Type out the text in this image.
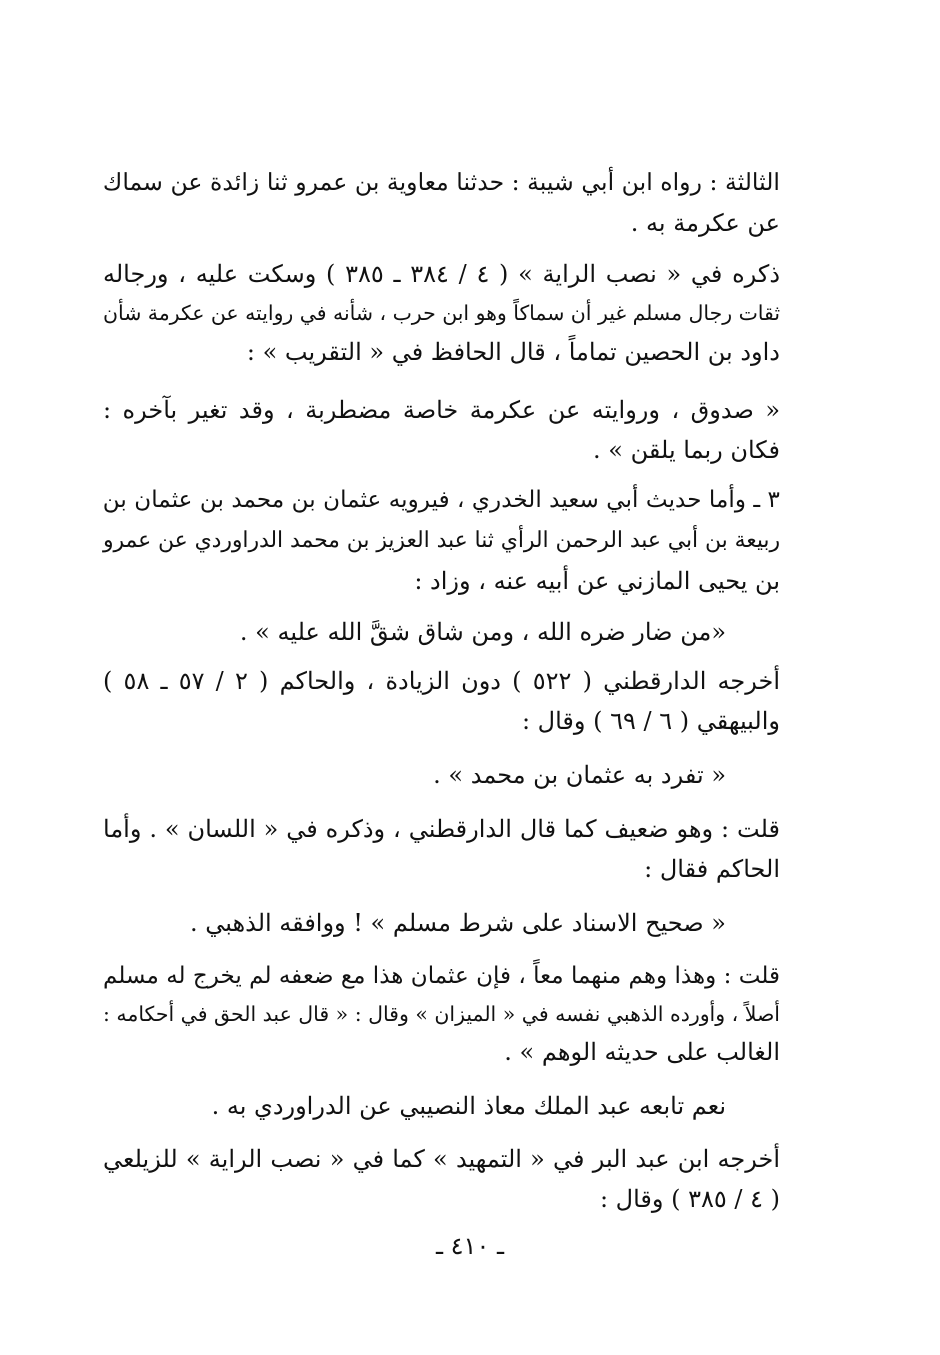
الثالثة : رواه ابن أبي شيبة : حدثنا معاوية بن عمرو ثنا زائدة عن سماك
عن عكرمة به .
ذكره في « نصب الراية » ( ٤ / ٣٨٤ ـ ٣٨٥ ) وسكت عليه ، ورجاله
ثقات رجال مسلم غير أن سماكاً وهو ابن حرب ، شأنه في روايته عن عكرمة شأن
داود بن الحصين تماماً ، قال الحافظ في « التقريب » :
« صدوق ، وروايته عن عكرمة خاصة مضطربة ، وقد تغير بآخره :
فكان ربما يلقن » .
٣ ـ وأما حديث أبي سعيد الخدري ، فيرويه عثمان بن محمد بن عثمان بن
ربيعة بن أبي عبد الرحمن الرأي ثنا عبد العزيز بن محمد الدراوردي عن عمرو
بن يحيى المازني عن أبيه عنه ، وزاد :
«من ضار ضره الله ، ومن شاق شقَّ الله عليه » .
أخرجه الدارقطني ( ٥٢٢ ) دون الزيادة ، والحاكم ( ٢ / ٥٧ ـ ٥٨ )
والبيهقي ( ٦ / ٦٩ ) وقال :
« تفرد به عثمان بن محمد » .
قلت : وهو ضعيف كما قال الدارقطني ، وذكره في « اللسان » . وأما
الحاكم فقال :
« صحيح الاسناد على شرط مسلم » ! ووافقه الذهبي .
قلت : وهذا وهم منهما معاً ، فإن عثمان هذا مع ضعفه لم يخرج له مسلم
أصلاً ، وأورده الذهبي نفسه في « الميزان » وقال : « قال عبد الحق في أحكامه :
الغالب على حديثه الوهم » .
نعم تابعه عبد الملك معاذ النصيبي عن الدراوردي به .
أخرجه ابن عبد البر في « التمهيد » كما في « نصب الراية » للزيلعي
( ٤ / ٣٨٥ ) وقال :
ـ ٤١٠ ـ
